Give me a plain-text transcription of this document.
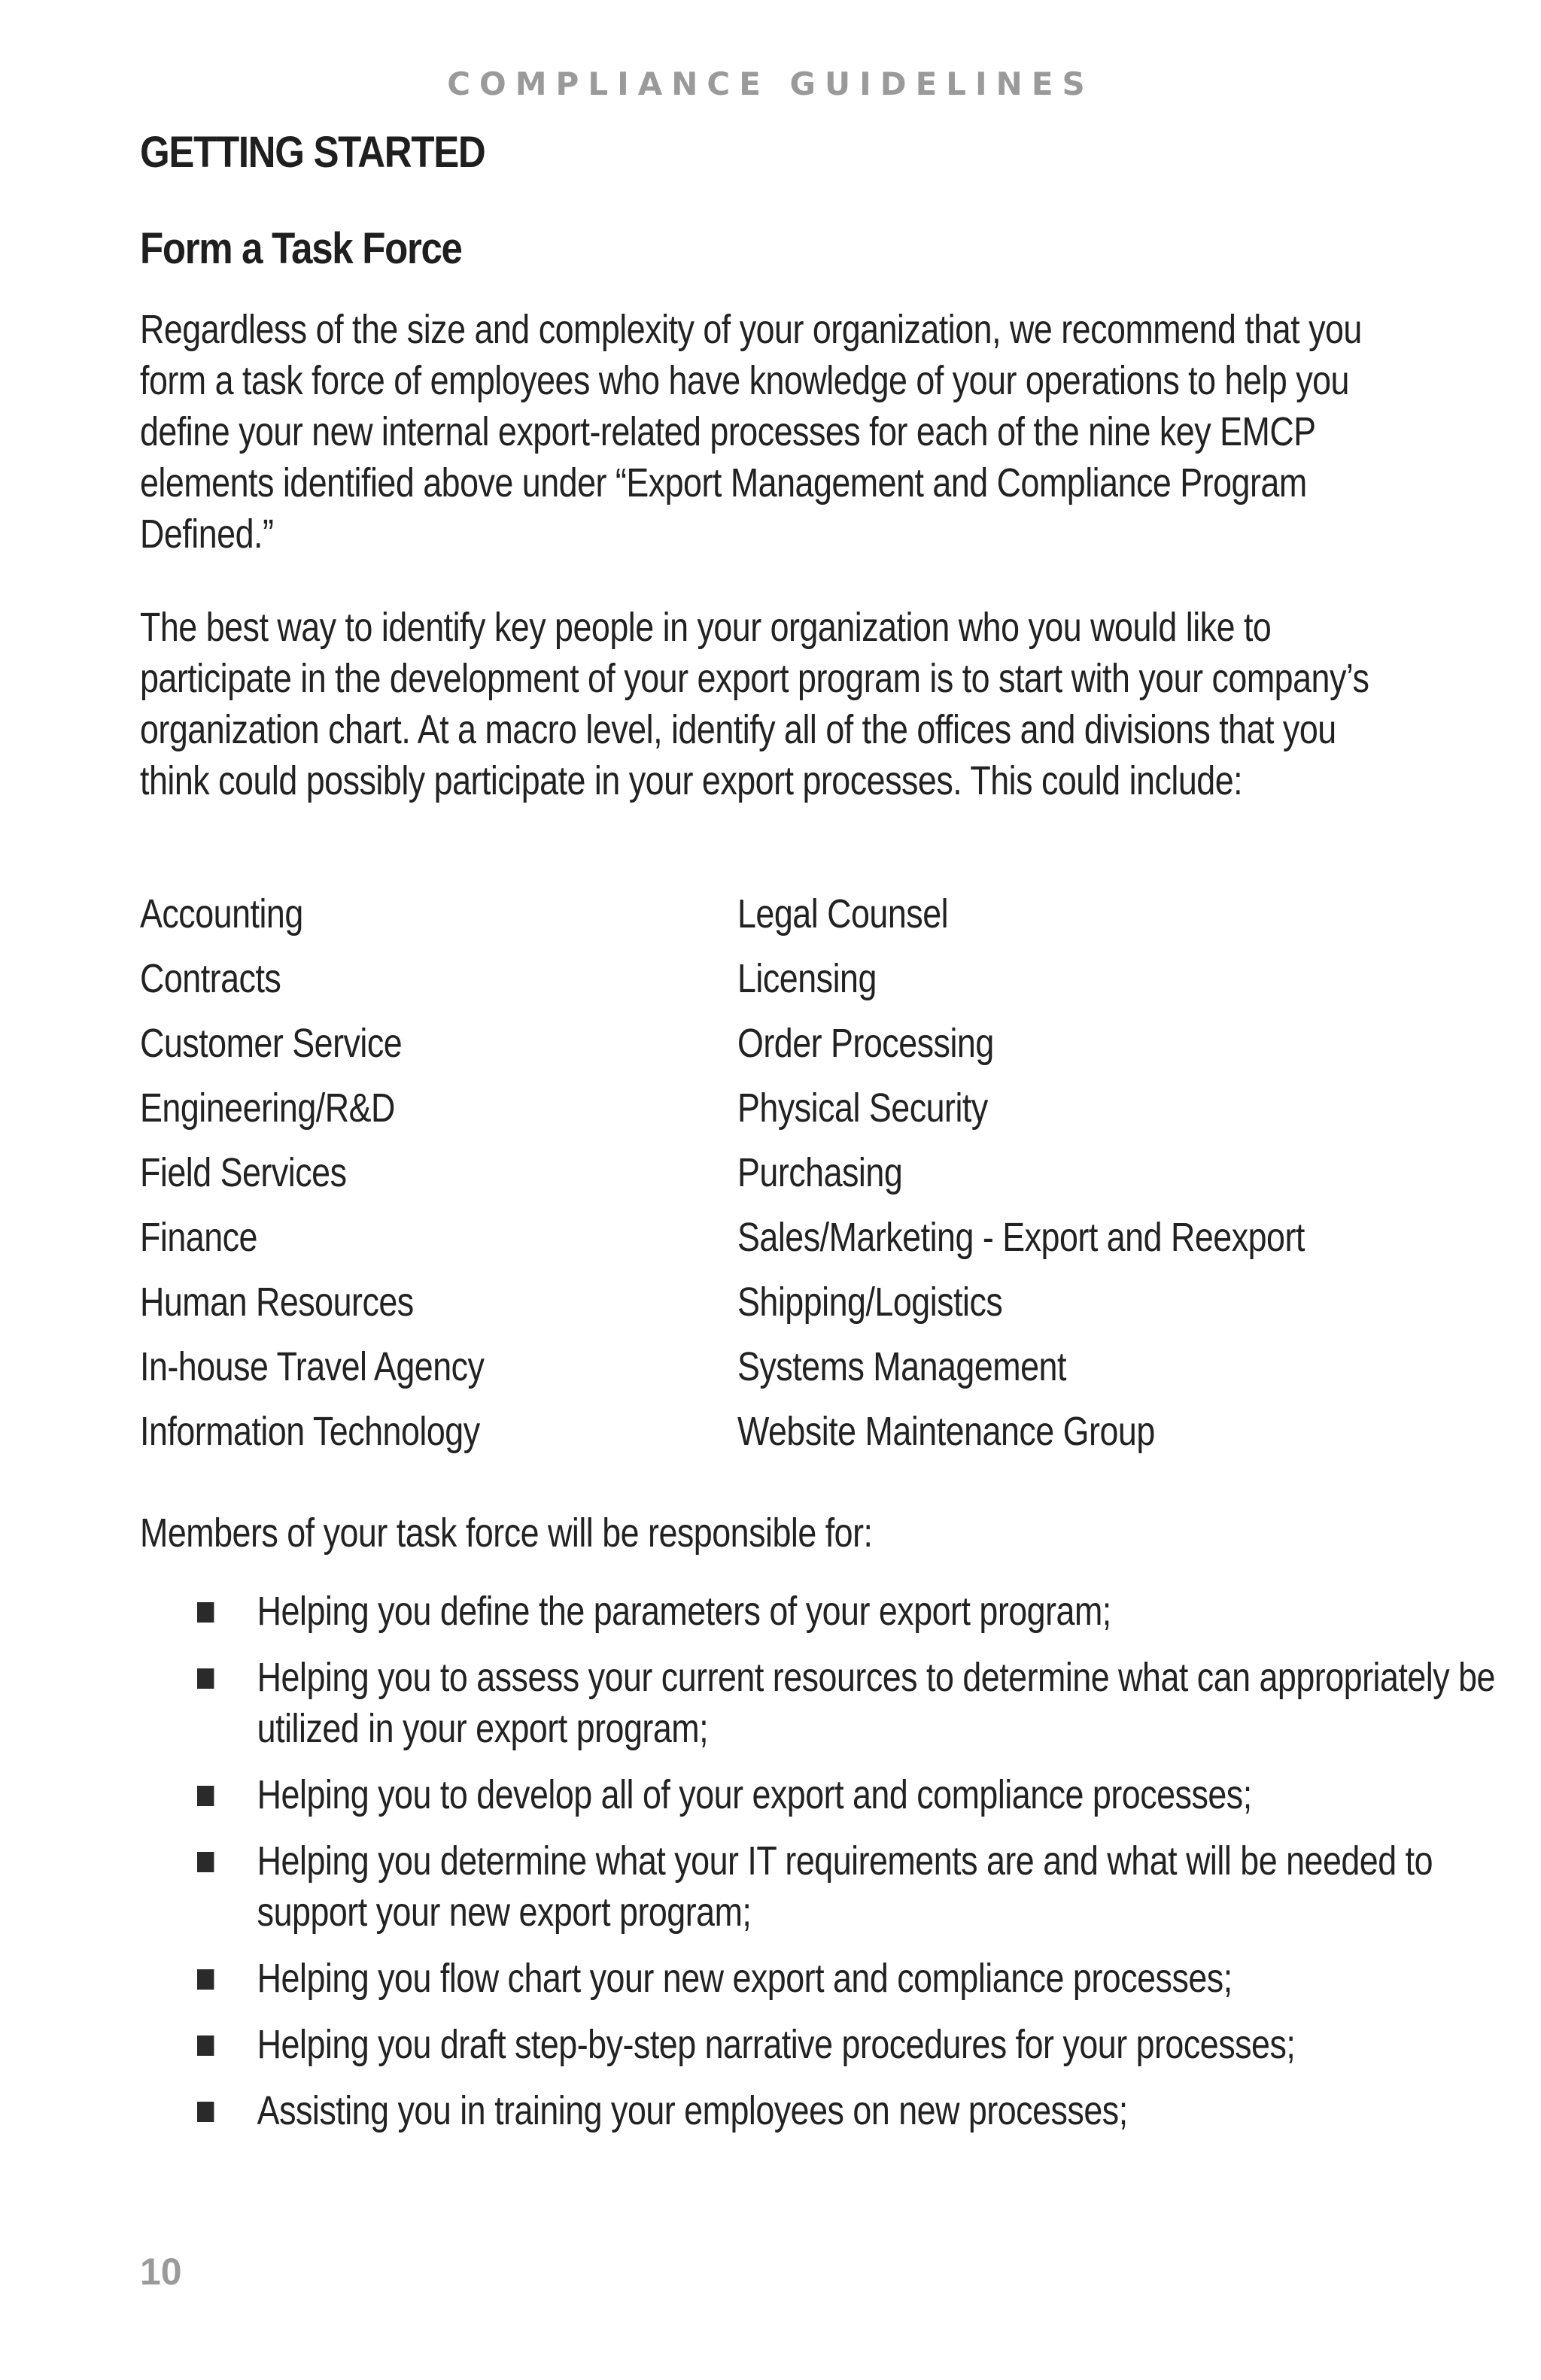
COMPLIANCE GUIDELINES
GETTING STARTED
Form a Task Force

Regardless of the size and complexity of your organization, we recommend that you form a task force of employees who have knowledge of your operations to help you define your new internal export-related processes for each of the nine key EMCP elements identified above under “Export Management and Compliance Program Defined.”

The best way to identify key people in your organization who you would like to participate in the development of your export program is to start with your company’s organization chart. At a macro level, identify all of the offices and divisions that you think could possibly participate in your export processes. This could include:

Accounting
Contracts
Customer Service
Engineering/R&D
Field Services
Finance
Human Resources
In-house Travel Agency
Information Technology
Legal Counsel
Licensing
Order Processing
Physical Security
Purchasing
Sales/Marketing - Export and Reexport
Shipping/Logistics
Systems Management
Website Maintenance Group

Members of your task force will be responsible for:

Helping you define the parameters of your export program;
Helping you to assess your current resources to determine what can appropriately be utilized in your export program;
Helping you to develop all of your export and compliance processes;
Helping you determine what your IT requirements are and what will be needed to support your new export program;
Helping you flow chart your new export and compliance processes;
Helping you draft step-by-step narrative procedures for your processes;
Assisting you in training your employees on new processes;
10
